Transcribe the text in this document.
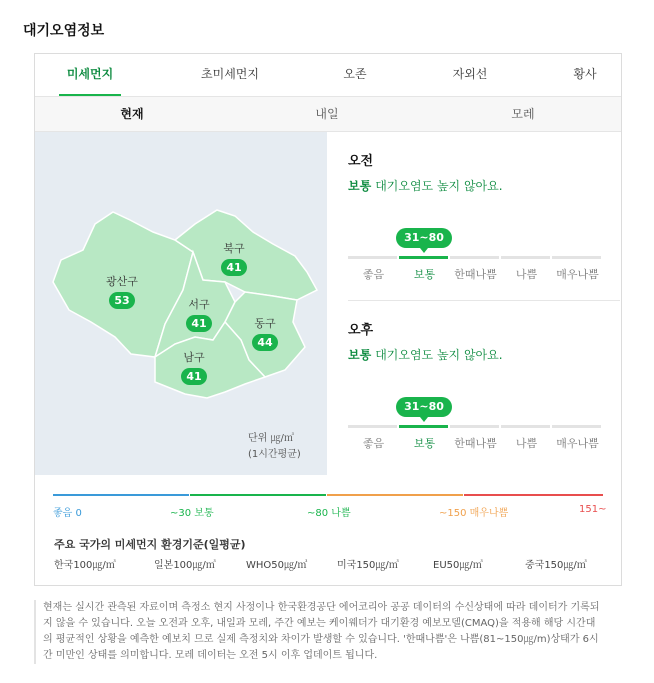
대기오염정보
미세먼지	초미세먼지	오존	자외선	황사
현재	내일	모레
북구
41
광산구
53	서구
41	동구
44
남구
41
단위 ㎍/㎥
(1시간평균)
오전
보통 대기오염도 높지 않아요.
31~80
좋음	보통	한때나쁨	나쁨	매우나쁨
오후
보통 대기오염도 높지 않아요.
31~80
좋음	보통	한때나쁨	나쁨	매우나쁨
좋음 0	~30 보통	~80 나쁨	~150 매우나쁨	151~
주요 국가의 미세먼지 환경기준(일평균)
한국100㎍/㎥	일본100㎍/㎥	WHO50㎍/㎥	미국150㎍/㎥	EU50㎍/㎥	중국150㎍/㎥
현재는 실시간 관측된 자료이며 측정소 현지 사정이나 한국환경공단 에어코리아 공공 데이터의 수신상태에 따라 데이터가 기록되지 않을 수 있습니다. 오늘 오전과 오후, 내일과 모레, 주간 예보는 케이웨더가 대기환경 예보모델(CMAQ)을 적용해 해당 시간대의 평균적인 상황을 예측한 예보치 므로 실제 측정치와 차이가 발생할 수 있습니다. '한때나쁨'은 나쁨(81~150㎍/m)상태가 6시간 미만인 상태를 의미합니다. 모레 데이터는 오전 5시 이후 업데이트 됩니다.
